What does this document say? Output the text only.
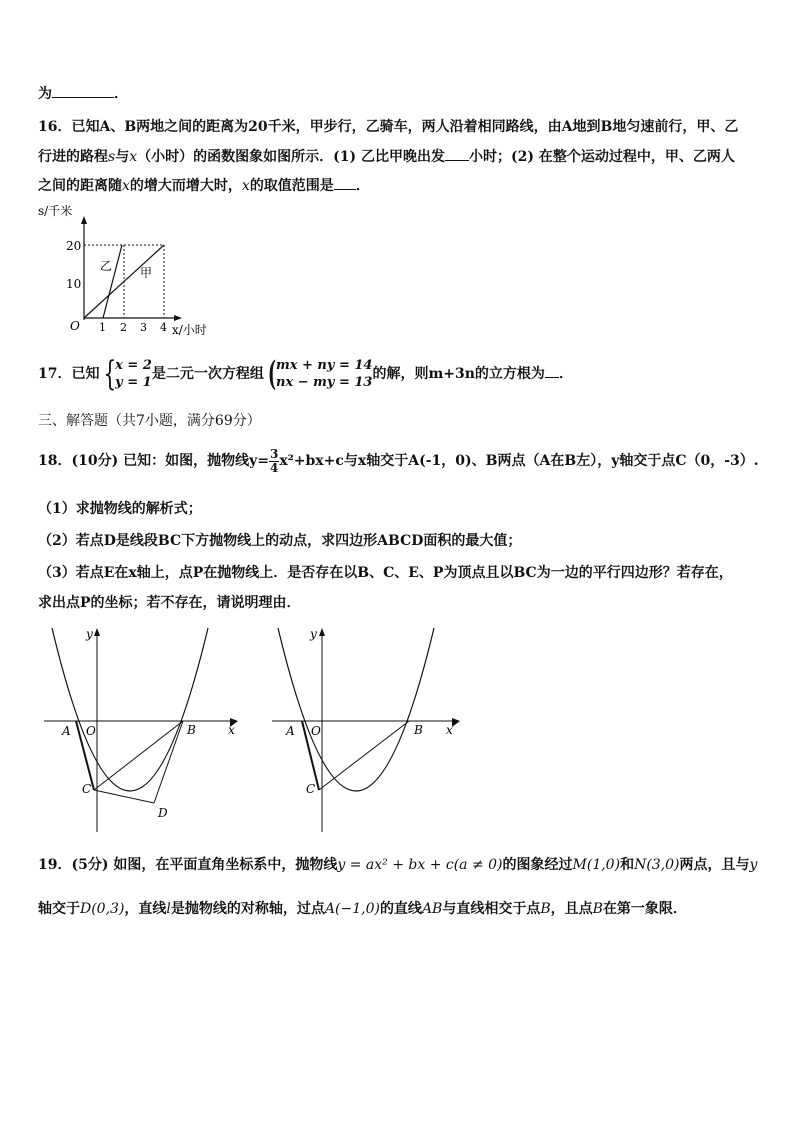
为	．
16．已知A、B两地之间的距离为20千米，甲步行，乙骑车，两人沿着相同路线，由A地到B地匀速前行，甲、乙
行进的路程s与x（小时）的函数图象如图所示．(1) 乙比甲晚出发 小时；(2) 在整个运动过程中，甲、乙两人
之间的距离随x的增大而增大时，x的取值范围是 ．
s/千米
20
10
O 1 2 3 4 x/小时
乙 甲
17．已知 {
x = 2
y = 1
是二元一次方程组 ( mx + ny = 14
nx − my = 13
的解，则m+3n的立方根为 ．
三、解答题（共7小题，满分69分）
18．(10分) 已知：如图，抛物线$y= \frac{3}{4} x^2+bx+c$与x轴交于A(-1，0)、B两点（A在B左），y轴交于点C（0，-3）.
（1）求抛物线的解析式；
（2）若点D是线段BC下方抛物线上的动点，求四边形ABCD面积的最大值；
（3）若点E在x轴上，点P在抛物线上．是否存在以B、C、E、P为顶点且以BC为一边的平行四边形？若存在，
求出点P的坐标；若不存在，请说明理由．
y
x
A O	B
C
D
y
x
A O	B
C
19．(5分) 如图，在平面直角坐标系中，抛物线y = ax² + bx + c(a ≠ 0)的图象经过M(1,0)和N(3,0)两点，且与y
轴交于D(0,3)，直线l是抛物线的对称轴，过点A(−1,0)的直线AB与直线相交于点B，且点B在第一象限．
